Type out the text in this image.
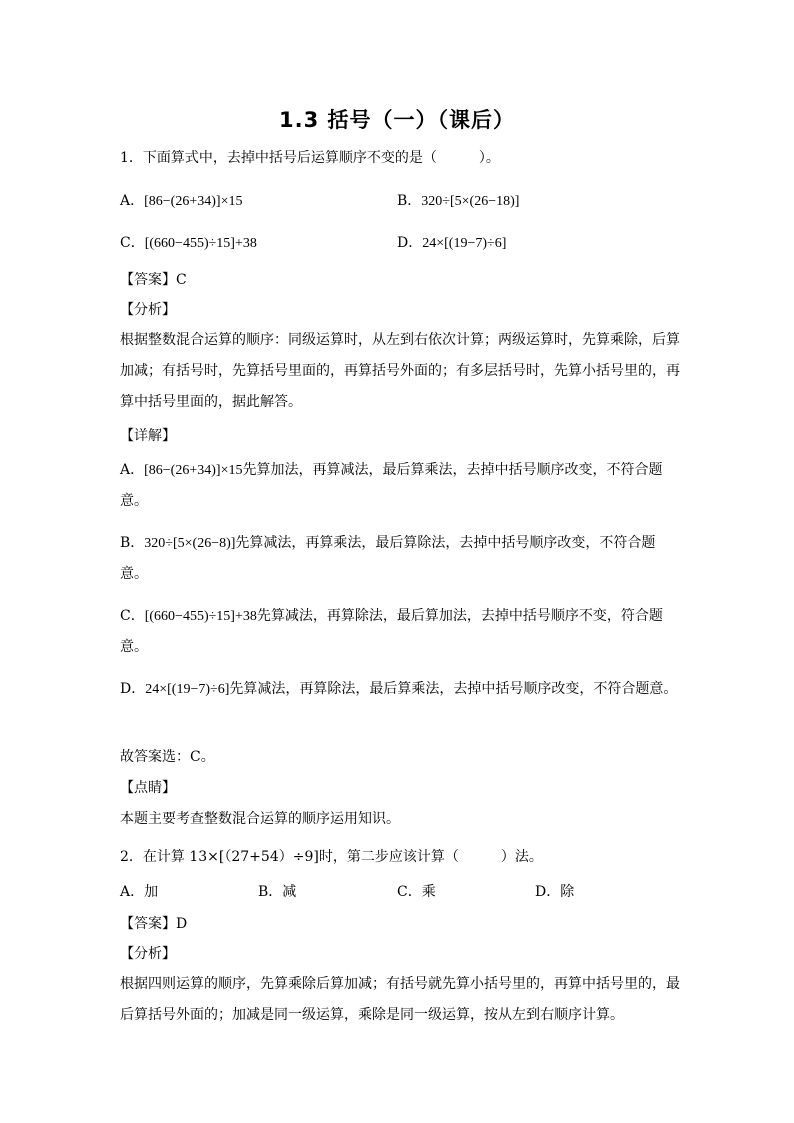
1.3 括号（一）（课后）
1．下面算式中，去掉中括号后运算顺序不变的是（　　　）。
A．[86−(26+34)]×15	B．320÷[5×(26−18)]
C．[(660−455)÷15]+38	D．24×[(19−7)÷6]
【答案】C
【分析】
根据整数混合运算的顺序：同级运算时，从左到右依次计算；两级运算时，先算乘除，后算加减；有括号时，先算括号里面的，再算括号外面的；有多层括号时，先算小括号里的，再算中括号里面的，据此解答。
【详解】
A．[86−(26+34)]×15先算加法，再算减法，最后算乘法，去掉中括号顺序改变，不符合题意。
B．320÷[5×(26−8)]先算减法，再算乘法，最后算除法，去掉中括号顺序改变，不符合题意。
C．[(660−455)÷15]+38先算减法，再算除法，最后算加法，去掉中括号顺序不变，符合题意。
D．24×[(19−7)÷6]先算减法，再算除法，最后算乘法，去掉中括号顺序改变，不符合题意。
故答案选：C。
【点睛】
本题主要考查整数混合运算的顺序运用知识。
2．在计算 13×[（27+54）÷9]时，第二步应该计算（　　　）法。
A．加	B．减	C．乘	D．除
【答案】D
【分析】
根据四则运算的顺序，先算乘除后算加减；有括号就先算小括号里的，再算中括号里的，最后算括号外面的；加减是同一级运算，乘除是同一级运算，按从左到右顺序计算。
